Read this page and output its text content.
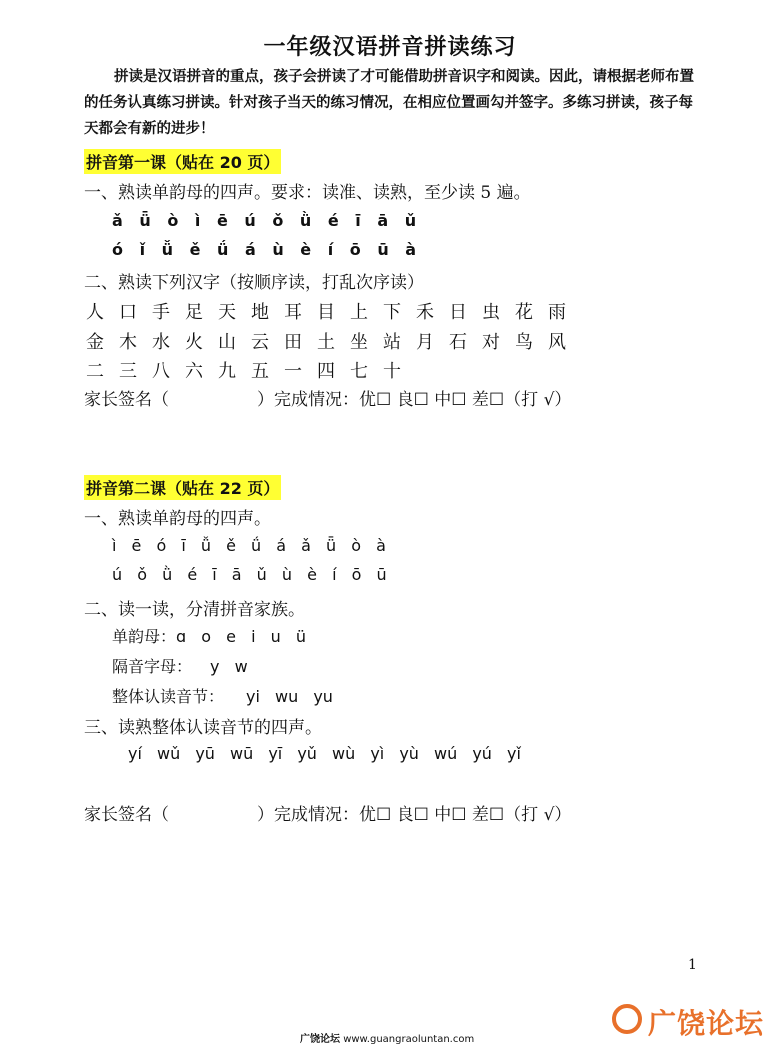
一年级汉语拼音拼读练习
拼读是汉语拼音的重点，孩子会拼读了才可能借助拼音识字和阅读。因此，请根据老师布置的任务认真练习拼读。针对孩子当天的练习情况，在相应位置画勾并签字。多练习拼读，孩子每天都会有新的进步！
拼音第一课（贴在 20 页）
一、熟读单韵母的四声。要求：读准、读熟，至少读 5 遍。
ǎ ǖ ò ì ē ú ǒ ǜ é ī ā ǔ
ó ǐ ǚ ě ǘ á ù è í ō ū à
二、熟读下列汉字（按顺序读，打乱次序读）
人口手足天地耳目上下禾日虫花雨
金木水火山云田土坐站月石对鸟风
二三八六九五一四七十
家长签名（	）完成情况：优☐ 良☐ 中☐ 差☐（打 √）
拼音第二课（贴在 22 页）
一、熟读单韵母的四声。
ì ē ó ī ǚ ě ǘ á ǎ ǖ ò à
ú ǒ ǜ é ī ā ǔ ù è í ō ū
二、读一读，分清拼音家族。
单韵母：ɑ o e i u ü
隔音字母： y w
整体认读音节： yi wu yu
三、读熟整体认读音节的四声。
yí wǔ yū wū yī yǔ wù yì yù wú yú yǐ
家长签名（	）完成情况：优☐ 良☐ 中☐ 差☐（打 √）
1
广饶论坛
广饶论坛 www.guangraoluntan.com
